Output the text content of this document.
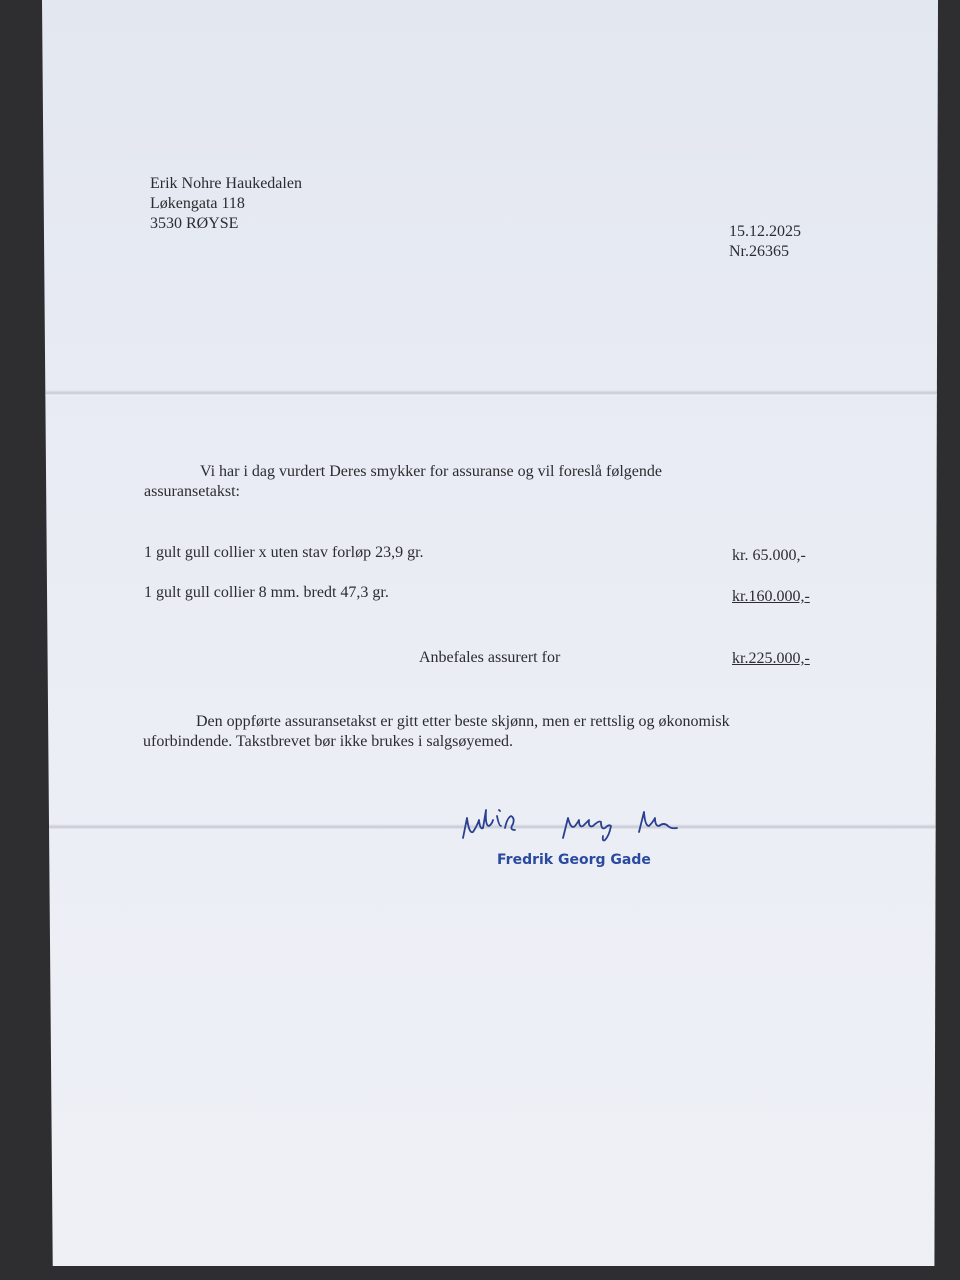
Erik Nohre Haukedalen
Løkengata 118
3530 RØYSE	15.12.2025
Nr.26365
Vi har i dag vurdert Deres smykker for assuranse og vil foreslå følgende
assuransetakst:
1 gult gull collier x uten stav forløp 23,9 gr.	kr. 65.000,-
1 gult gull collier 8 mm. bredt 47,3 gr.	kr.160.000,-
Anbefales assurert for	kr.225.000,-
Den oppførte assuransetakst er gitt etter beste skjønn, men er rettslig og økonomisk
uforbindende. Takstbrevet bør ikke brukes i salgsøyemed.
Fredrik Georg Gade
